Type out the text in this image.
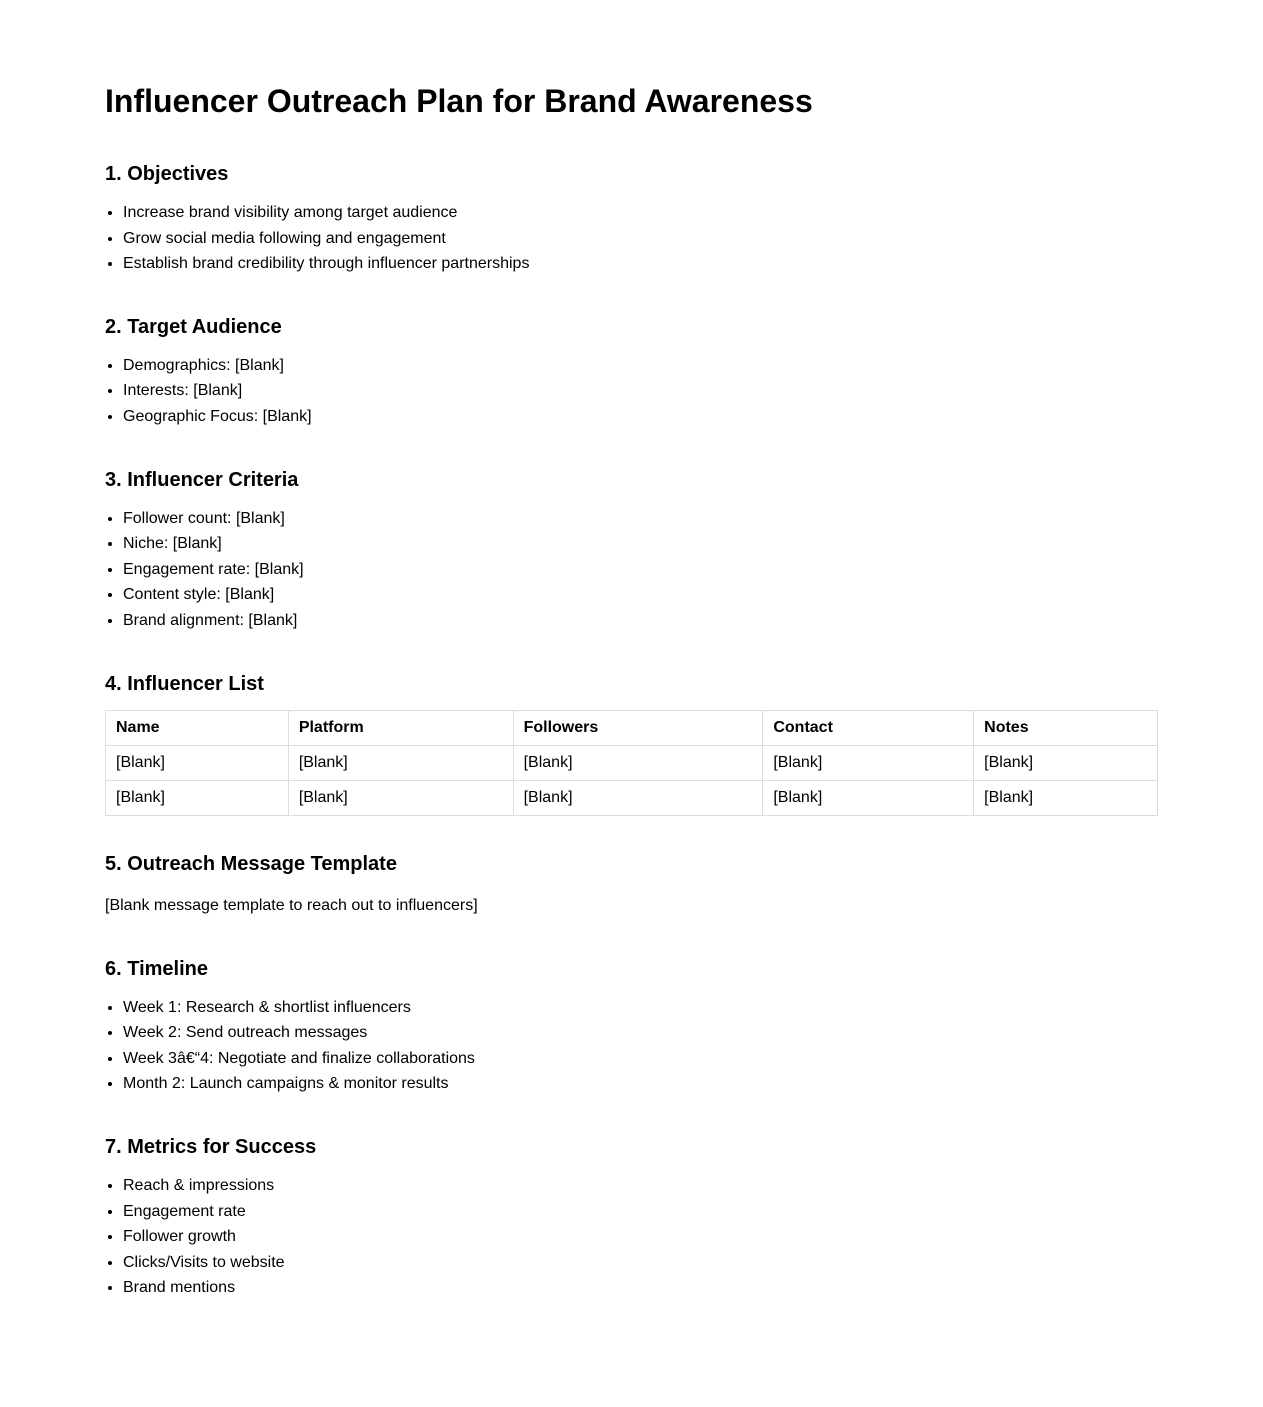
Influencer Outreach Plan for Brand Awareness
1. Objectives
• Increase brand visibility among target audience
• Grow social media following and engagement
• Establish brand credibility through influencer partnerships
2. Target Audience
• Demographics: [Blank]
• Interests: [Blank]
• Geographic Focus: [Blank]
3. Influencer Criteria
• Follower count: [Blank]
• Niche: [Blank]
• Engagement rate: [Blank]
• Content style: [Blank]
• Brand alignment: [Blank]
4. Influencer List
Name	Platform	Followers	Contact	Notes
[Blank]	[Blank]	[Blank]	[Blank]	[Blank]
[Blank]	[Blank]	[Blank]	[Blank]	[Blank]
5. Outreach Message Template

[Blank message template to reach out to influencers]

6. Timeline
• Week 1: Research & shortlist influencers
• Week 2: Send outreach messages
• Week 3â€“4: Negotiate and finalize collaborations
• Month 2: Launch campaigns & monitor results
7. Metrics for Success
• Reach & impressions
• Engagement rate
• Follower growth
• Clicks/Visits to website
• Brand mentions
